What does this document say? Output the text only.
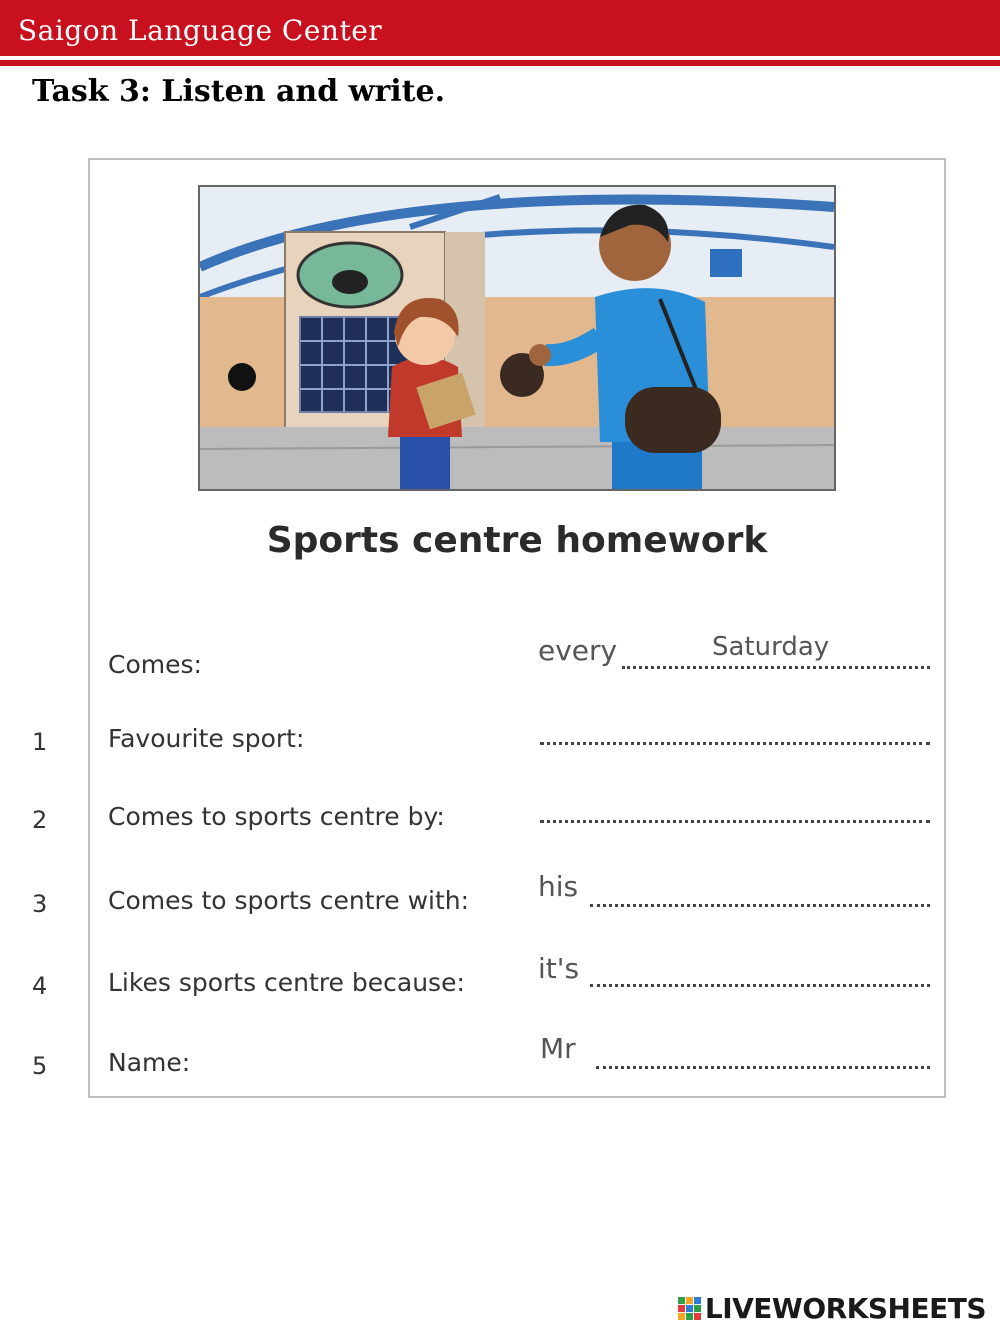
Saigon Language Center
Task 3: Listen and write.
Sports centre homework
Comes:	every	Saturday
1 Favourite sport:
2 Comes to sports centre by:
3 Comes to sports centre with: his
4 Likes sports centre because:	it's
5 Name:	Mr
LIVEWORKSHEETS
